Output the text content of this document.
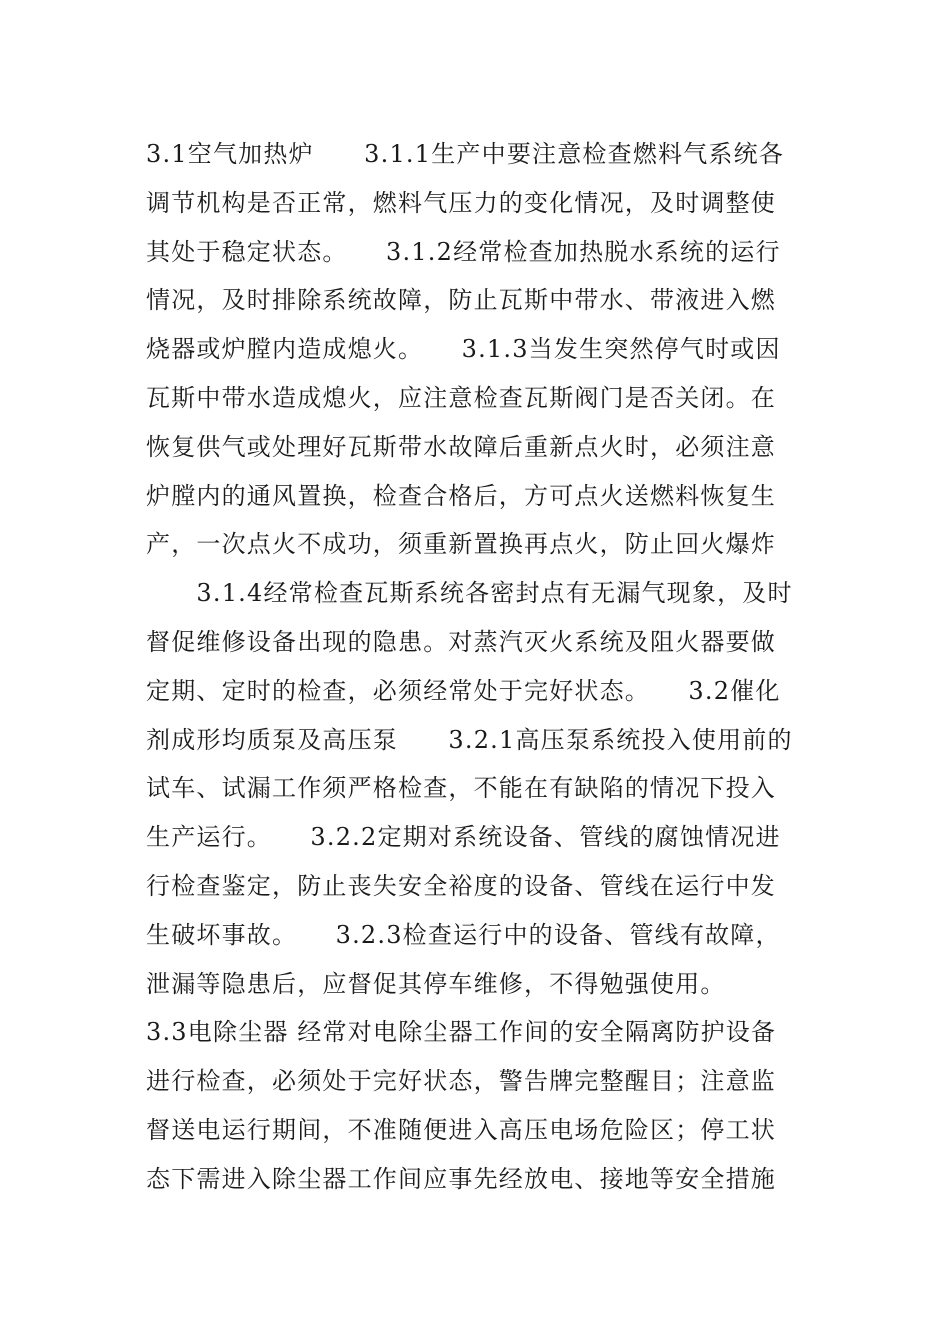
3.1空气加热炉　　3.1.1生产中要注意检查燃料气系统各
调节机构是否正常，燃料气压力的变化情况，及时调整使
其处于稳定状态。　　3.1.2经常检查加热脱水系统的运行
情况，及时排除系统故障，防止瓦斯中带水、带液进入燃
烧器或炉膛内造成熄火。　　3.1.3当发生突然停气时或因
瓦斯中带水造成熄火，应注意检查瓦斯阀门是否关闭。在
恢复供气或处理好瓦斯带水故障后重新点火时，必须注意
炉膛内的通风置换，检查合格后，方可点火送燃料恢复生
产，一次点火不成功，须重新置换再点火，防止回火爆炸
　　3.1.4经常检查瓦斯系统各密封点有无漏气现象，及时
督促维修设备出现的隐患。对蒸汽灭火系统及阻火器要做
定期、定时的检查，必须经常处于完好状态。　　3.2催化
剂成形均质泵及高压泵　　3.2.1高压泵系统投入使用前的
试车、试漏工作须严格检查，不能在有缺陷的情况下投入
生产运行。　　3.2.2定期对系统设备、管线的腐蚀情况进
行检查鉴定，防止丧失安全裕度的设备、管线在运行中发
生破坏事故。　　3.2.3检查运行中的设备、管线有故障，
泄漏等隐患后，应督促其停车维修，不得勉强使用。
3.3电除尘器 经常对电除尘器工作间的安全隔离防护设备
进行检查，必须处于完好状态，警告牌完整醒目；注意监
督送电运行期间，不准随便进入高压电场危险区；停工状
态下需进入除尘器工作间应事先经放电、接地等安全措施
